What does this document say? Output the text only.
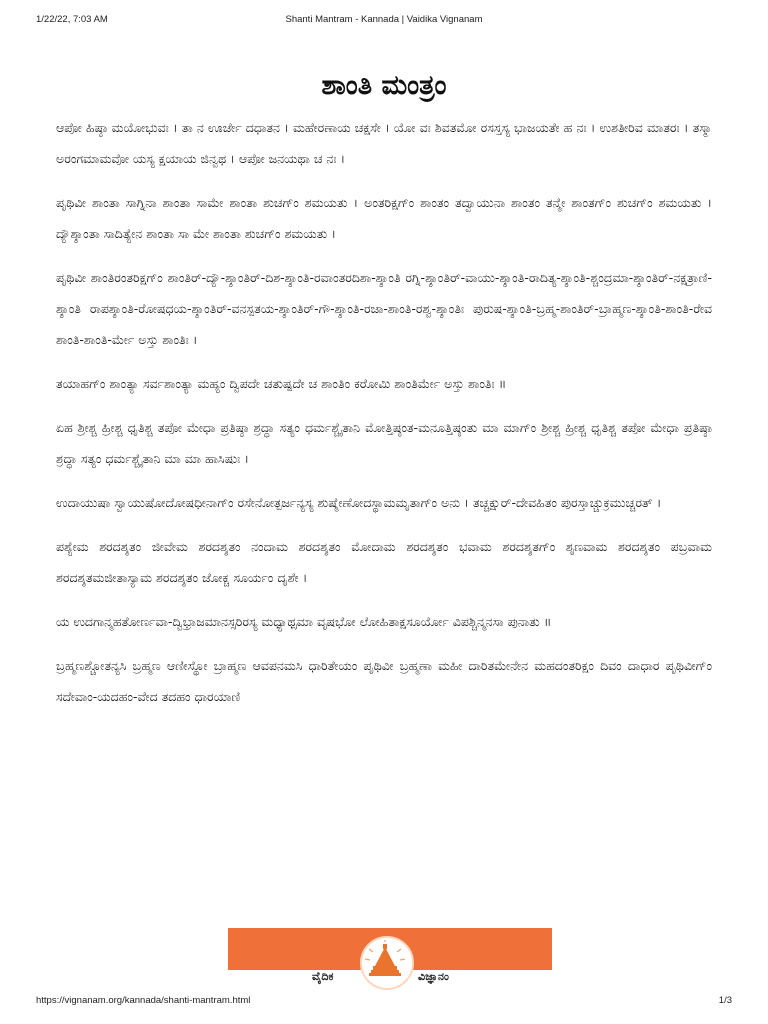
1/22/22, 7:03 AM	Shanti Mantram - Kannada | Vaidika Vignanam
ಶಾಂತಿ ಮಂತ್ರಂ

ಆಪೋ ಹಿಷ್ಠಾ ಮಯೋಭುವಃ । ತಾ ನ ಊರ್ಜೇ ದಧಾತನ । ಮಹೇರಣಾಯ ಚಕ್ಷಸೇ । ಯೋ ವಃ ಶಿವತಮೋ ರಸಸ್ತಸ್ಯ ಭಾಜಯತೇ ಹ ನಃ । ಉಶತೀರಿವ ಮಾತರಃ । ತಸ್ಮಾ ಅರಂಗಮಾಮವೋ ಯಸ್ಯ ಕ್ಷಯಾಯ ಜಿನ್ವಥ । ಆಪೋ ಜನಯಥಾ ಚ ನಃ ।

ಪೃಥಿವೀ ಶಾಂತಾ ಸಾಗ್ನಿನಾ ಶಾಂತಾ ಸಾಮೇ ಶಾಂತಾ ಶುಚಗ್ಂ ಶಮಯತು । ಅಂತರಿಕ್ಷಗ್ಂ ಶಾಂತಂ ತದ್ವಾಯುನಾ ಶಾಂತಂ ತನ್ಮೇ ಶಾಂತಗ್ಂ ಶುಚಗ್ಂ ಶಮಯತು । ದ್ಯೌಶ್ಶಾಂತಾ ಸಾದಿತ್ಯೇನ ಶಾಂತಾ ಸಾ ಮೇ ಶಾಂತಾ ಶುಚಗ್ಂ ಶಮಯತು ।

ಪೃಥಿವೀ ಶಾಂತಿರಂತರಿಕ್ಷಗ್ಂ ಶಾಂತಿರ್-ದ್ಯೌ-ಶ್ಶಾಂತಿರ್-ದಿಶ-ಶ್ಶಾಂತಿ-ರವಾಂತರದಿಶಾ-ಶ್ಶಾಂತಿ ರಗ್ನಿ-ಶ್ಶಾಂತಿರ್-ವಾಯು-ಶ್ಶಾಂತಿ-ರಾದಿತ್ಯ-ಶ್ಶಾಂತಿ-ಶ್ಚಂದ್ರಮಾ-ಶ್ಶಾಂತಿರ್-ನಕ್ಷತ್ರಾಣಿ-ಶ್ಶಾಂತಿ ರಾಪಶ್ಶಾಂತಿ-ರೋಷಧಯ-ಶ್ಶಾಂತಿರ್-ವನಸ್ಪತಯ-ಶ್ಶಾಂತಿರ್-ಗೌ-ಶ್ಶಾಂತಿ-ರಜಾ-ಶಾಂತಿ-ರಶ್ವ-ಶ್ಶಾಂತಿಃ ಪುರುಷ-ಶ್ಶಾಂತಿ-ಬ್ರಹ್ಮ-ಶಾಂತಿರ್-ಬ್ರಾಹ್ಮಣ-ಶ್ಶಾಂತಿ-ಶಾಂತಿ-ರೇವ ಶಾಂತಿ-ಶಾಂತಿ-ರ್ಮೇ ಅಸ್ತು ಶಾಂತಿಃ ।

ತಯಾಹಗ್ಂ ಶಾಂತ್ಯಾ ಸರ್ವಶಾಂತ್ಯಾ ಮಹ್ಯಂ ದ್ವಿಪದೇ ಚತುಷ್ಪದೇ ಚ ಶಾಂತಿಂ ಕರೋಮಿ ಶಾಂತಿರ್ಮೇ ಅಸ್ತು ಶಾಂತಿಃ ॥

ಏಹ ಶ್ರೀಶ್ಚ ಹ್ರೀಶ್ಚ ಧೃತಿಶ್ಚ ತಪೋ ಮೇಧಾ ಪ್ರತಿಷ್ಠಾ ಶ್ರದ್ಧಾ ಸತ್ಯಂ ಧರ್ಮಶ್ಚೈತಾನಿ ಮೋತ್ತಿಷ್ಠಂತ-ಮನೂತ್ತಿಷ್ಠಂತು ಮಾ ಮಾಗ್ಂ ಶ್ರೀಶ್ಚ ಹ್ರೀಶ್ಚ ಧೃತಿಶ್ಚ ತಪೋ ಮೇಧಾ ಪ್ರತಿಷ್ಠಾ ಶ್ರದ್ಧಾ ಸತ್ಯಂ ಧರ್ಮಶ್ಚೈತಾನಿ ಮಾ ಮಾ ಹಾಸಿಷುಃ ।

ಉದಾಯುಷಾ ಸ್ವಾಯುಷೋದೋಷಧೀನಾಗ್ಂ ರಸೇನೋತ್ಪರ್ಜನ್ಯಸ್ಯ ಶುಷ್ಮೇಣೋದಸ್ಥಾಮಮೃತಾಗ್ಂ ಅನು । ತಚ್ಚಕ್ಷುರ್-ದೇವಹಿತಂ ಪುರಸ್ತಾಚ್ಚುಕ್ರಮುಚ್ಚರತ್ ।

ಪಶ್ಯೇಮ ಶರದಶ್ಶತಂ ಜೀವೇಮ ಶರದಶ್ಶತಂ ನಂದಾಮ ಶರದಶ್ಶತಂ ಮೋದಾಮ ಶರದಶ್ಶತಂ ಭವಾಮ ಶರದಶ್ಶತಗ್ಂ ಶೃಣವಾಮ ಶರದಶ್ಶತಂ ಪಬ್ರವಾಮ ಶರದಶ್ಶತಮಜೀತಾಸ್ಯಾಮ ಶರದಶ್ಶತಂ ಜೋಕ್ಚ ಸೂರ್ಯಂ ದೃಶೇ ।

ಯ ಉದಗಾನ್ಮಹತೋರ್ಣವಾ-ದ್ವಿಭ್ರಾಜಮಾನಸ್ಸರಿರಸ್ಯ ಮಧ್ಯಾಥ್ಸಮಾ ವೃಷಭೋ ಲೋಹಿತಾಕ್ಷಸೂರ್ಯೋ ವಿಪಶ್ಚಿನ್ಮನಸಾ ಪುನಾತು ॥

ಬ್ರಹ್ಮಣಶ್ಚೋತನ್ಯಸಿ ಬ್ರಹ್ಮಣ ಆಣೀಸ್ಥೋ ಬ್ರಾಹ್ಮಣ ಆವಪನಮಸಿ ಧಾರಿತೇಯಂ ಪೃಥಿವೀ ಬ್ರಹ್ಮಣಾ ಮಹೀ ದಾರಿತಮೇನೇನ ಮಹದಂತರಿಕ್ಷಂ ದಿವಂ ದಾಧಾರ ಪೃಥಿವೀಗ್ಂ ಸದೇವಾಂ-ಯದಹಂ-ವೇದ ತದಹಂ ಧಾರಯಾಣಿ

ವೈದಿಕ	ವಿಜ್ಞಾನಂ
https://vignanam.org/kannada/shanti-mantram.html	1/3
